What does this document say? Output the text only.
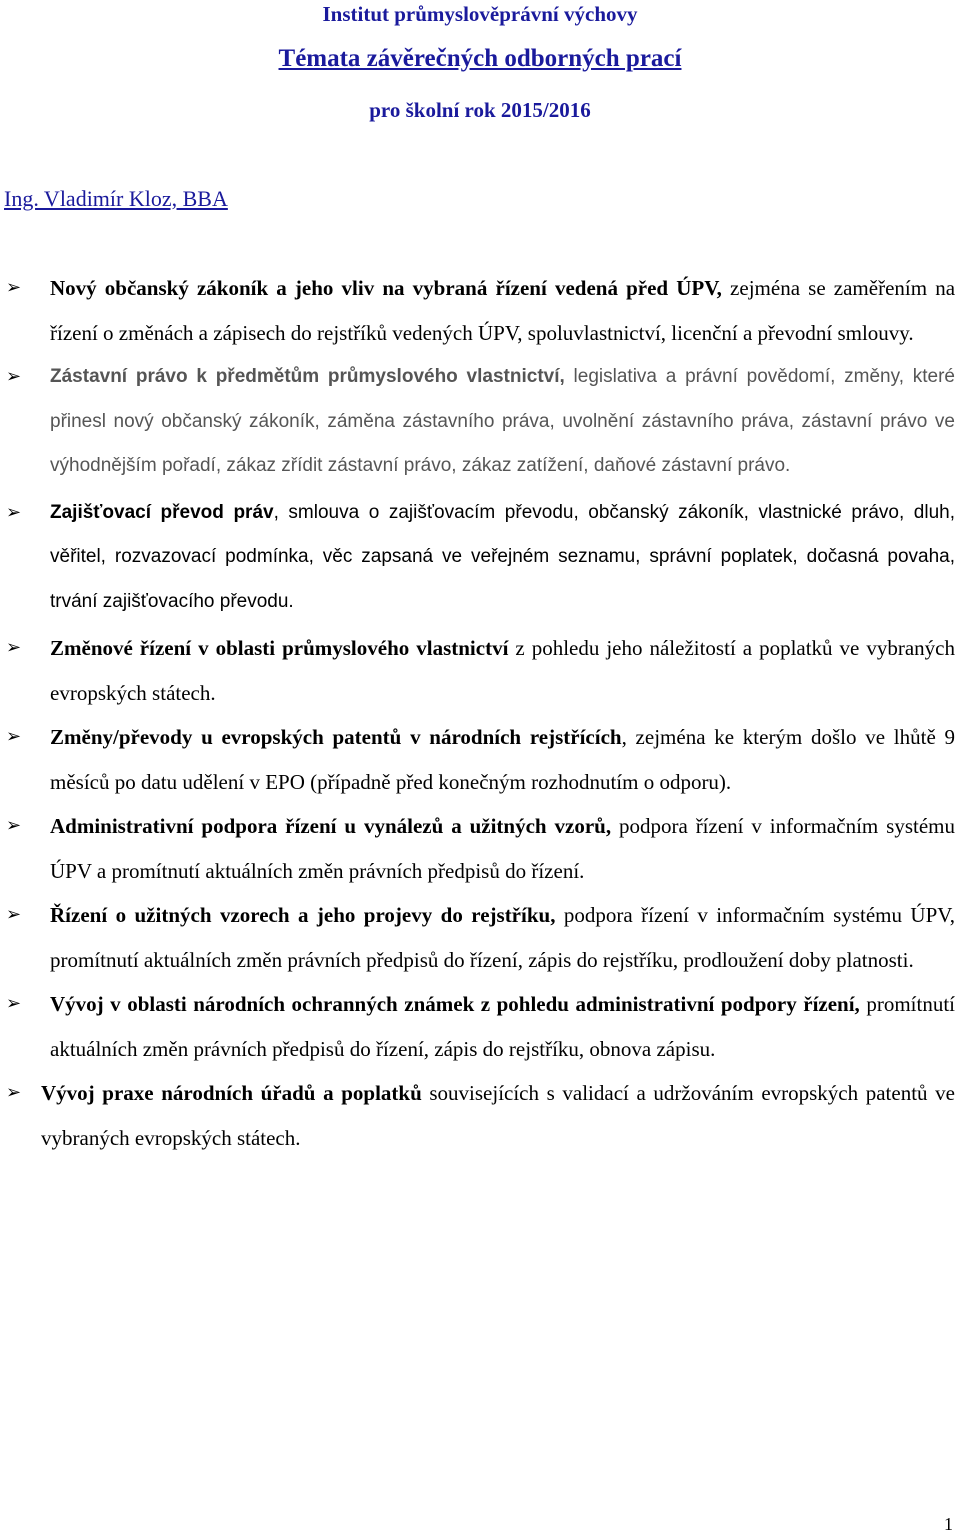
Institut průmyslověprávní výchovy
Témata závěrečných odborných prací
pro školní rok 2015/2016
Ing. Vladimír Kloz, BBA
➢ Nový občanský zákoník a jeho vliv na vybraná řízení vedená před ÚPV, zejména se zaměřením na řízení o změnách a zápisech do rejstříků vedených ÚPV, spoluvlastnictví, licenční a převodní smlouvy.
➢ Zástavní právo k předmětům průmyslového vlastnictví, legislativa a právní povědomí, změny, které přinesl nový občanský zákoník, záměna zástavního práva, uvolnění zástavního práva, zástavní právo ve výhodnějším pořadí, zákaz zřídit zástavní právo, zákaz zatížení, daňové zástavní právo.
➢ Zajišťovací převod práv, smlouva o zajišťovacím převodu, občanský zákoník, vlastnické právo, dluh, věřitel, rozvazovací podmínka, věc zapsaná ve veřejném seznamu, správní poplatek, dočasná povaha, trvání zajišťovacího převodu.
➢ Změnové řízení v oblasti průmyslového vlastnictví z pohledu jeho náležitostí a poplatků ve vybraných evropských státech.
➢ Změny/převody u evropských patentů v národních rejstřících, zejména ke kterým došlo ve lhůtě 9 měsíců po datu udělení v EPO (případně před konečným rozhodnutím o odporu).
➢ Administrativní podpora řízení u vynálezů a užitných vzorů, podpora řízení v informačním systému ÚPV a promítnutí aktuálních změn právních předpisů do řízení.
➢ Řízení o užitných vzorech a jeho projevy do rejstříku, podpora řízení v informačním systému ÚPV, promítnutí aktuálních změn právních předpisů do řízení, zápis do rejstříku, prodloužení doby platnosti.
➢ Vývoj v oblasti národních ochranných známek z pohledu administrativní podpory řízení, promítnutí aktuálních změn právních předpisů do řízení, zápis do rejstříku, obnova zápisu.
➢ Vývoj praxe národních úřadů a poplatků souvisejících s validací a udržováním evropských patentů ve vybraných evropských státech.
1
